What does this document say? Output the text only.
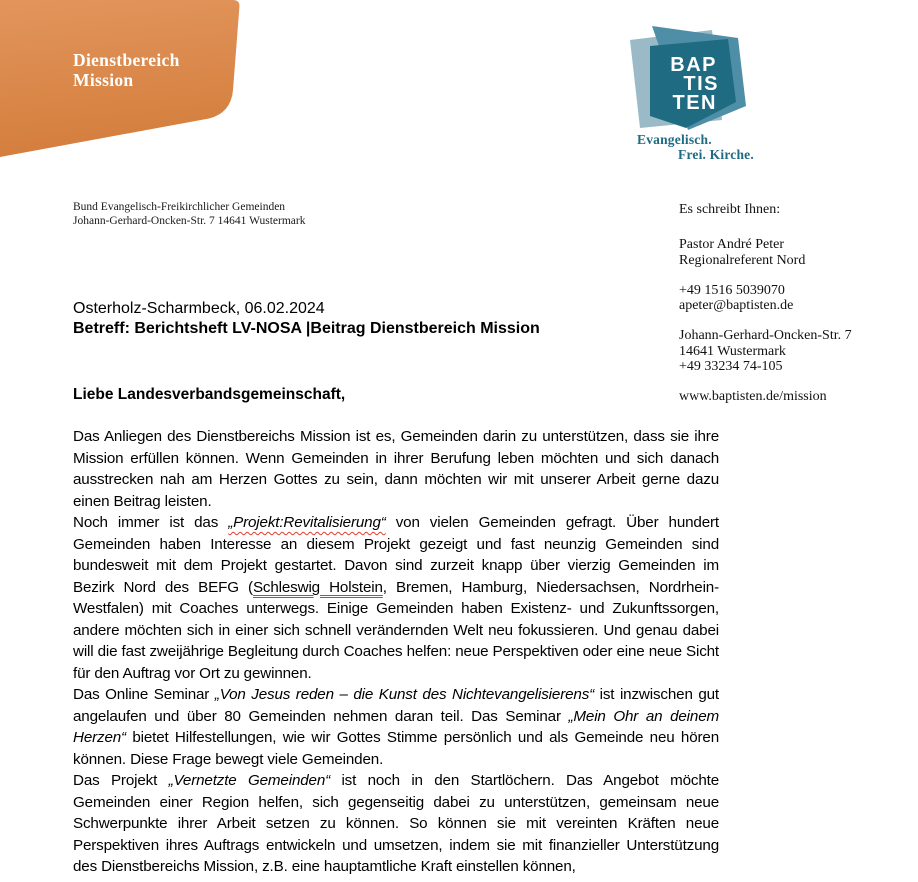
Dienstbereich
Mission
BAP
TIS
TEN
Evangelisch.
Frei. Kirche.
Bund Evangelisch-Freikirchlicher Gemeinden
Johann-Gerhard-Oncken-Str. 7 14641 Wustermark
Es schreibt Ihnen:
Pastor André Peter
Regionalreferent Nord
+49 1516 5039070
apeter@baptisten.de
Johann-Gerhard-Oncken-Str. 7
14641 Wustermark
+49 33234 74-105
www.baptisten.de/mission
Osterholz-Scharmbeck, 06.02.2024
Betreff: Berichtsheft LV-NOSA |Beitrag Dienstbereich Mission
Liebe Landesverbandsgemeinschaft,

Das Anliegen des Dienstbereichs Mission ist es, Gemeinden darin zu unterstützen, dass sie ihre Mission erfüllen können. Wenn Gemeinden in ihrer Berufung leben möchten und sich danach ausstrecken nah am Herzen Gottes zu sein, dann möchten wir mit unserer Arbeit gerne dazu einen Beitrag leisten.

Noch immer ist das „Projekt:Revitalisierung“ von vielen Gemeinden gefragt. Über hundert Gemeinden haben Interesse an diesem Projekt gezeigt und fast neunzig Gemeinden sind bundesweit mit dem Projekt gestartet. Davon sind zurzeit knapp über vierzig Gemeinden im Bezirk Nord des BEFG (Schleswig Holstein, Bremen, Hamburg, Niedersachsen, Nordrhein-Westfalen) mit Coaches unterwegs. Einige Gemeinden haben Existenz- und Zukunftssorgen, andere möchten sich in einer sich schnell verändernden Welt neu fokussieren. Und genau dabei will die fast zweijährige Begleitung durch Coaches helfen: neue Perspektiven oder eine neue Sicht für den Auftrag vor Ort zu gewinnen.

Das Online Seminar „Von Jesus reden – die Kunst des Nichtevangelisierens“ ist inzwischen gut angelaufen und über 80 Gemeinden nehmen daran teil. Das Seminar „Mein Ohr an deinem Herzen“ bietet Hilfestellungen, wie wir Gottes Stimme persönlich und als Gemeinde neu hören können. Diese Frage bewegt viele Gemeinden.

Das Projekt „Vernetzte Gemeinden“ ist noch in den Startlöchern. Das Angebot möchte Gemeinden einer Region helfen, sich gegenseitig dabei zu unterstützen, gemeinsam neue Schwerpunkte ihrer Arbeit setzen zu können. So können sie mit vereinten Kräften neue Perspektiven ihres Auftrags entwickeln und umsetzen, indem sie mit finanzieller Unterstützung des Dienstbereichs Mission, z.B. eine hauptamtliche Kraft einstellen können,
